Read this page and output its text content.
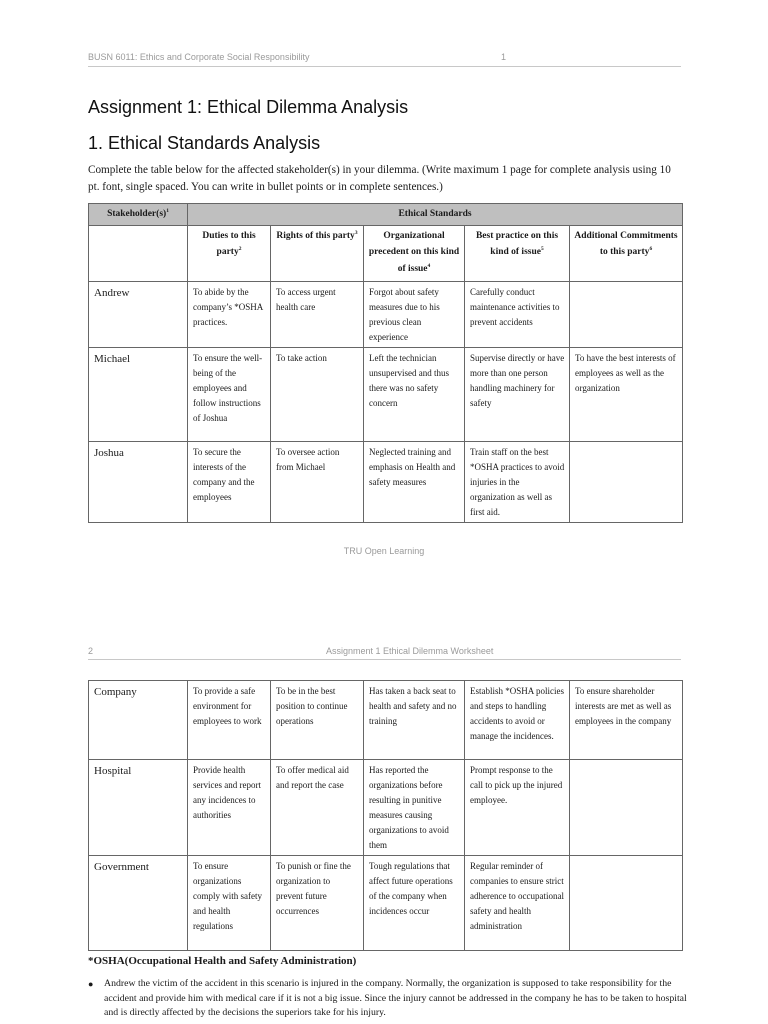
BUSN 6011: Ethics and Corporate Social Responsibility	1
Assignment 1: Ethical Dilemma Analysis
1. Ethical Standards Analysis

Complete the table below for the affected stakeholder(s) in your dilemma. (Write maximum 1 page for complete analysis using 10 pt. font, single spaced. You can write in bullet points or in complete sentences.)

$Stakeholder(s)^1$	Ethical Standards				
	Duties to this party$^2$	Rights of this party$^3$	Organizational precedent on this kind of issue$^4$	Best practice on this kind of issue$^5$	Additional Commitments to this party$^6$
Andrew	To abide by the company’s *OSHA practices.	To access urgent health care	Forgot about safety measures due to his previous clean experience	Carefully conduct maintenance activities to prevent accidents	
Michael	To ensure the well-being of the employees and follow instructions of Joshua	To take action	Left the technician unsupervised and thus there was no safety concern	Supervise directly or have more than one person handling machinery for safety	To have the best interests of employees as well as the organization
Joshua	To secure the interests of the company and the employees	To oversee action from Michael	Neglected training and emphasis on Health and safety measures	Train staff on the best *OSHA practices to avoid injuries in the organization as well as first aid.	
TRU Open Learning
2	Assignment 1 Ethical Dilemma Worksheet
Company	To provide a safe environment for employees to work	To be in the best position to continue operations	Has taken a back seat to health and safety and no training	Establish *OSHA policies and steps to handling accidents to avoid or manage the incidences.	To ensure shareholder interests are met as well as employees in the company
Hospital	Provide health services and report any incidences to authorities	To offer medical aid and report the case	Has reported the organizations before resulting in punitive measures causing organizations to avoid them	Prompt response to the call to pick up the injured employee.	
Government	To ensure organizations comply with safety and health regulations	To punish or fine the organization to prevent future occurrences	Tough regulations that affect future operations of the company when incidences occur	Regular reminder of companies to ensure strict adherence to occupational safety and health administration	

*OSHA(Occupational Health and Safety Administration)

● Andrew the victim of the accident in this scenario is injured in the company. Normally, the organization is supposed to take responsibility for the accident and provide him with medical care if it is not a big issue. Since the injury cannot be addressed in the company he has to be taken to hospital and is directly affected by the decisions the superiors take for his injury.
